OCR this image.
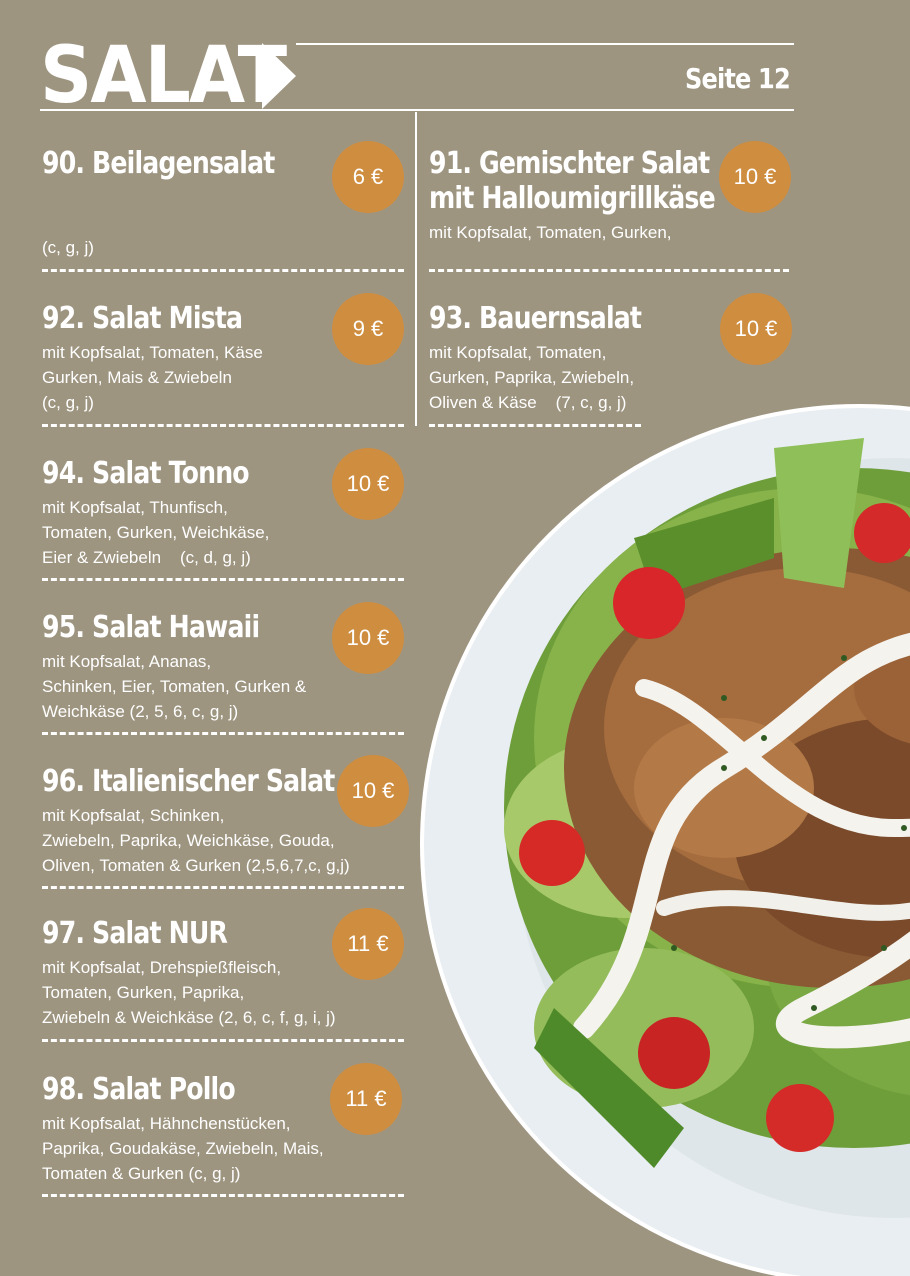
SALAT	Seite 12
90. Beilagensalat
(c, g, j)
6 €	91. Gemischter Salat
mit Halloumigrillkäse
mit Kopfsalat, Tomaten, Gurken,
10 €
92. Salat Mista
mit Kopfsalat, Tomaten, Käse
Gurken, Mais & Zwiebeln
(c, g, j)
9 €	93. Bauernsalat
mit Kopfsalat, Tomaten,
Gurken, Paprika, Zwiebeln,
Oliven & Käse    (7, c, g, j)
10 €
94. Salat Tonno
mit Kopfsalat, Thunfisch,
Tomaten, Gurken, Weichkäse,
Eier & Zwiebeln    (c, d, g, j)
10 €
95. Salat Hawaii
mit Kopfsalat, Ananas,
Schinken, Eier, Tomaten, Gurken &
Weichkäse (2, 5, 6, c, g, j)
10 €
96. Italienischer Salat
mit Kopfsalat, Schinken,
Zwiebeln, Paprika, Weichkäse, Gouda,
Oliven, Tomaten & Gurken (2,5,6,7,c, g,j)
10 €
97. Salat NUR
mit Kopfsalat, Drehspießfleisch,
Tomaten, Gurken, Paprika,
Zwiebeln & Weichkäse (2, 6, c, f, g, i, j)
11 €
98. Salat Pollo
mit Kopfsalat, Hähnchenstücken,
Paprika, Goudakäse, Zwiebeln, Mais,
Tomaten & Gurken (c, g, j)
11 €
